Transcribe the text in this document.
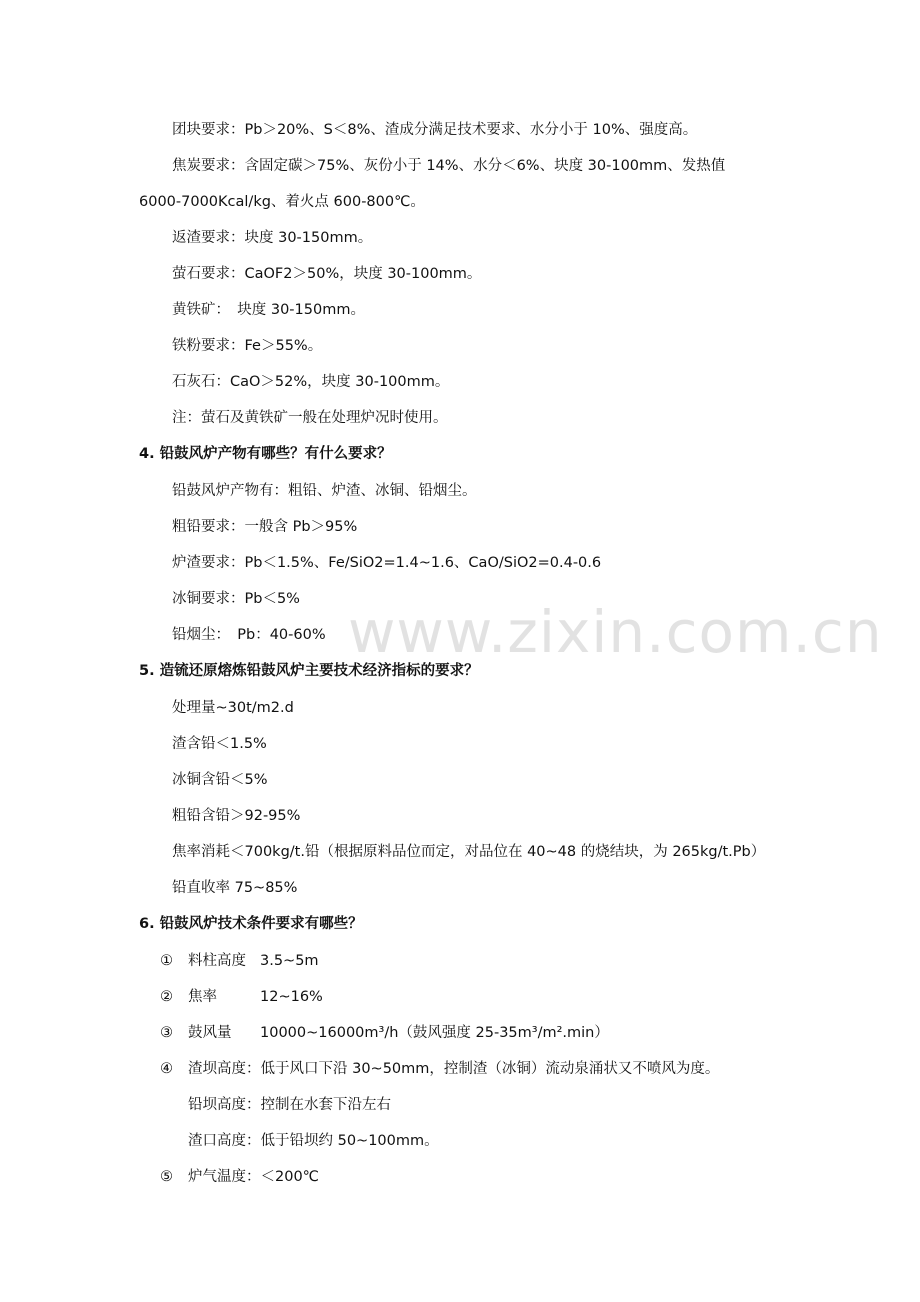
www.zixin.com.cn
团块要求：Pb＞20%、S＜8%、渣成分满足技术要求、水分小于 10%、强度高。
焦炭要求：含固定碳＞75%、灰份小于 14%、水分＜6%、块度 30-100mm、发热值
6000-7000Kcal/kg、着火点 600-800℃。
返渣要求：块度 30-150mm。
萤石要求：CaOF2＞50%，块度 30-100mm。
黄铁矿：　块度 30-150mm。
铁粉要求：Fe＞55%。
石灰石：CaO＞52%，块度 30-100mm。
注：萤石及黄铁矿一般在处理炉况时使用。
4. 铅鼓风炉产物有哪些？有什么要求？
铅鼓风炉产物有：粗铅、炉渣、冰铜、铅烟尘。
粗铅要求：一般含 Pb＞95%
炉渣要求：Pb＜1.5%、Fe/SiO2=1.4~1.6、CaO/SiO2=0.4-0.6
冰铜要求：Pb＜5%
铅烟尘：　Pb：40-60%
5. 造锍还原熔炼铅鼓风炉主要技术经济指标的要求？
处理量~30t/m2.d
渣含铅＜1.5%
冰铜含铅＜5%
粗铅含铅＞92-95%
焦率消耗＜700kg/t.铅（根据原料品位而定，对品位在 40~48 的烧结块，为 265kg/t.Pb）
铅直收率 75~85%
6. 铅鼓风炉技术条件要求有哪些？
① 料柱高度 3.5~5m
② 焦率	12~16%
③ 鼓风量 10000~16000m³/h（鼓风强度 25-35m³/m².min）
④ 渣坝高度：低于风口下沿 30~50mm，控制渣（冰铜）流动泉涌状又不喷风为度。
铅坝高度：控制在水套下沿左右
渣口高度：低于铅坝约 50~100mm。
⑤ 炉气温度：＜200℃
